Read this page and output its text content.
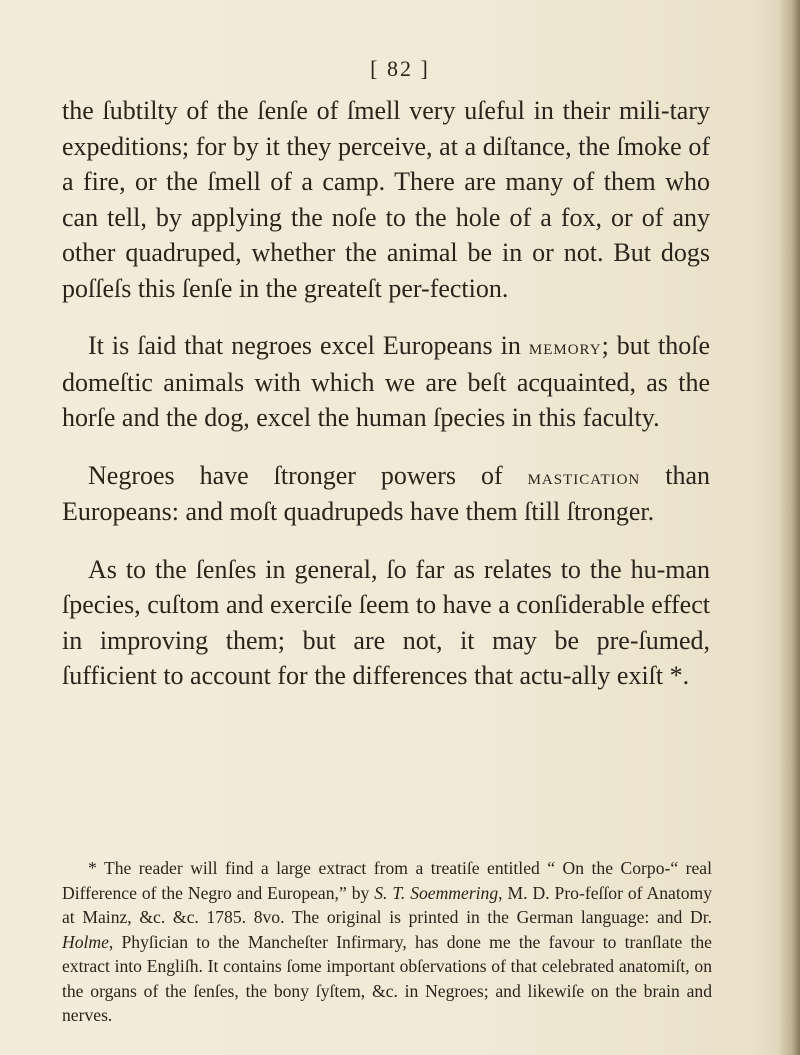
[ 82 ]

the ſubtilty of the ſenſe of ſmell very uſeful in their mili-tary expeditions; for by it they perceive, at a diſtance, the ſmoke of a fire, or the ſmell of a camp. There are many of them who can tell, by applying the noſe to the hole of a fox, or of any other quadruped, whether the animal be in or not. But dogs poſſeſs this ſenſe in the greateſt per-fection.

It is ſaid that negroes excel Europeans in memory; but thoſe domeſtic animals with which we are beſt acquainted, as the horſe and the dog, excel the human ſpecies in this faculty.

Negroes have ſtronger powers of mastication than Europeans: and moſt quadrupeds have them ſtill ſtronger.

As to the ſenſes in general, ſo far as relates to the hu-man ſpecies, cuſtom and exerciſe ſeem to have a conſiderable effect in improving them; but are not, it may be pre-ſumed, ſufficient to account for the differences that actu-ally exiſt *.

* The reader will find a large extract from a treatiſe entitled “ On the Corpo-“ real Difference of the Negro and European,” by S. T. Soemmering, M. D. Pro-feſſor of Anatomy at Mainz, &c. &c. 1785. 8vo. The original is printed in the German language: and Dr. Holme, Phyſician to the Mancheſter Infirmary, has done me the favour to tranſlate the extract into Engliſh. It contains ſome important obſervations of that celebrated anatomiſt, on the organs of the ſenſes, the bony ſyſtem, &c. in Negroes; and likewiſe on the brain and nerves.
